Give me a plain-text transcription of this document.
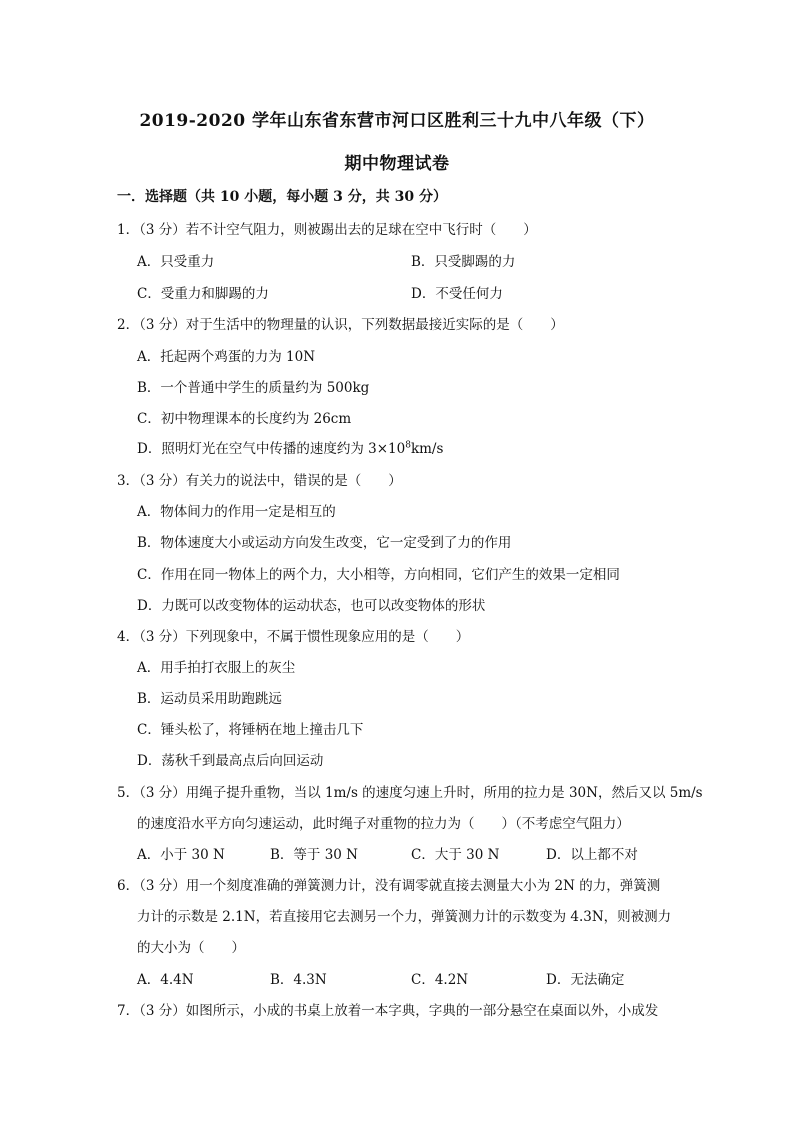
2019-2020 学年山东省东营市河口区胜利三十九中八年级（下）
期中物理试卷
一．选择题（共 10 小题，每小题 3 分，共 30 分）
1．（3 分）若不计空气阻力，则被踢出去的足球在空中飞行时（　　）
A．只受重力	B．只受脚踢的力
C．受重力和脚踢的力	D．不受任何力
2．（3 分）对于生活中的物理量的认识，下列数据最接近实际的是（　　）
A．托起两个鸡蛋的力为 10N
B．一个普通中学生的质量约为 500kg
C．初中物理课本的长度约为 26cm
D．照明灯光在空气中传播的速度约为 $3\times 10^8km/s$
3．（3 分）有关力的说法中，错误的是（　　）
A．物体间力的作用一定是相互的
B．物体速度大小或运动方向发生改变，它一定受到了力的作用
C．作用在同一物体上的两个力，大小相等，方向相同，它们产生的效果一定相同
D．力既可以改变物体的运动状态，也可以改变物体的形状
4．（3 分）下列现象中，不属于惯性现象应用的是（　　）
A．用手拍打衣服上的灰尘
B．运动员采用助跑跳远
C．锤头松了，将锤柄在地上撞击几下
D．荡秋千到最高点后向回运动
5．（3 分）用绳子提升重物，当以 1m/s 的速度匀速上升时，所用的拉力是 30N，然后又以 5m/s
的速度沿水平方向匀速运动，此时绳子对重物的拉力为（　　）（不考虑空气阻力）
A．小于 30 N	B．等于 30 N	C．大于 30 N	D．以上都不对
6．（3 分）用一个刻度准确的弹簧测力计，没有调零就直接去测量大小为 2N 的力，弹簧测
力计的示数是 2.1N，若直接用它去测另一个力，弹簧测力计的示数变为 4.3N，则被测力
的大小为（　　）
A．4.4N	B．4.3N	C．4.2N	D．无法确定
7．（3 分）如图所示，小成的书桌上放着一本字典，字典的一部分悬空在桌面以外，小成发
